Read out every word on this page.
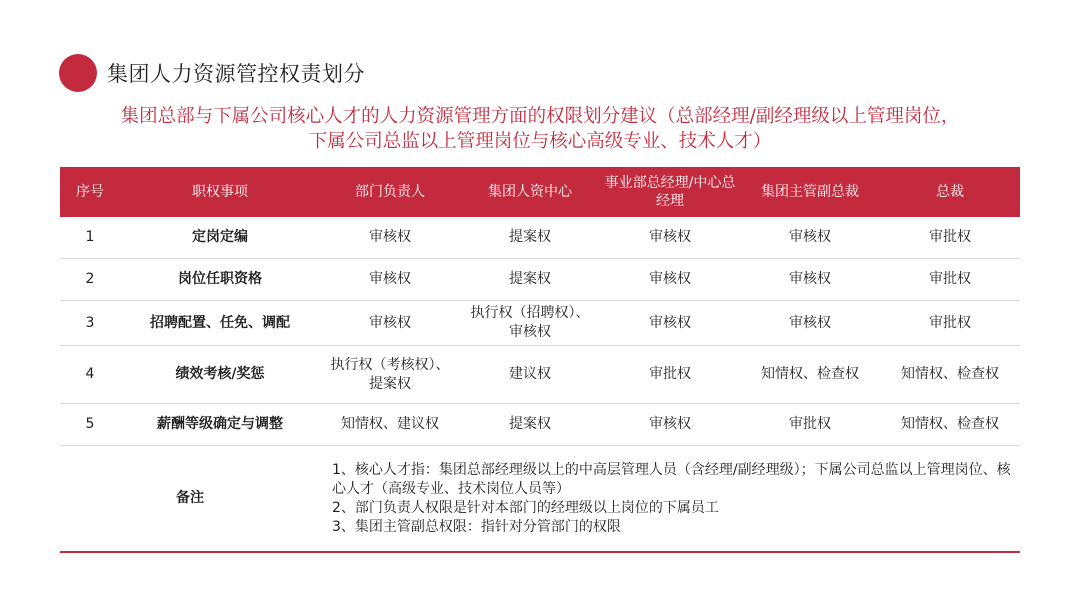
集团人力资源管控权责划分
集团总部与下属公司核心人才的人力资源管理方面的权限划分建议（总部经理/副经理级以上管理岗位，
下属公司总监以上管理岗位与核心高级专业、技术人才）
序号	职权事项	部门负责人	集团人资中心	事业部总经理/中心总经理	集团主管副总裁	总裁
1	定岗定编	审核权	提案权	审核权	审核权	审批权
2	岗位任职资格	审核权	提案权	审核权	审核权	审批权
3	招聘配置、任免、调配	审核权	执行权（招聘权）、审核权	审核权	审核权	审批权
4	绩效考核/奖惩	执行权（考核权）、提案权	建议权	审批权	知情权、检查权	知情权、检查权
5	薪酬等级确定与调整	知情权、建议权	提案权	审核权	审批权	知情权、检查权
备注		1、核心人才指：集团总部经理级以上的中高层管理人员（含经理/副经理级）；下属公司总监以上管理岗位、核心人才（高级专业、技术岗位人员等）
2、部门负责人权限是针对本部门的经理级以上岗位的下属员工
3、集团主管副总权限：指针对分管部门的权限				
